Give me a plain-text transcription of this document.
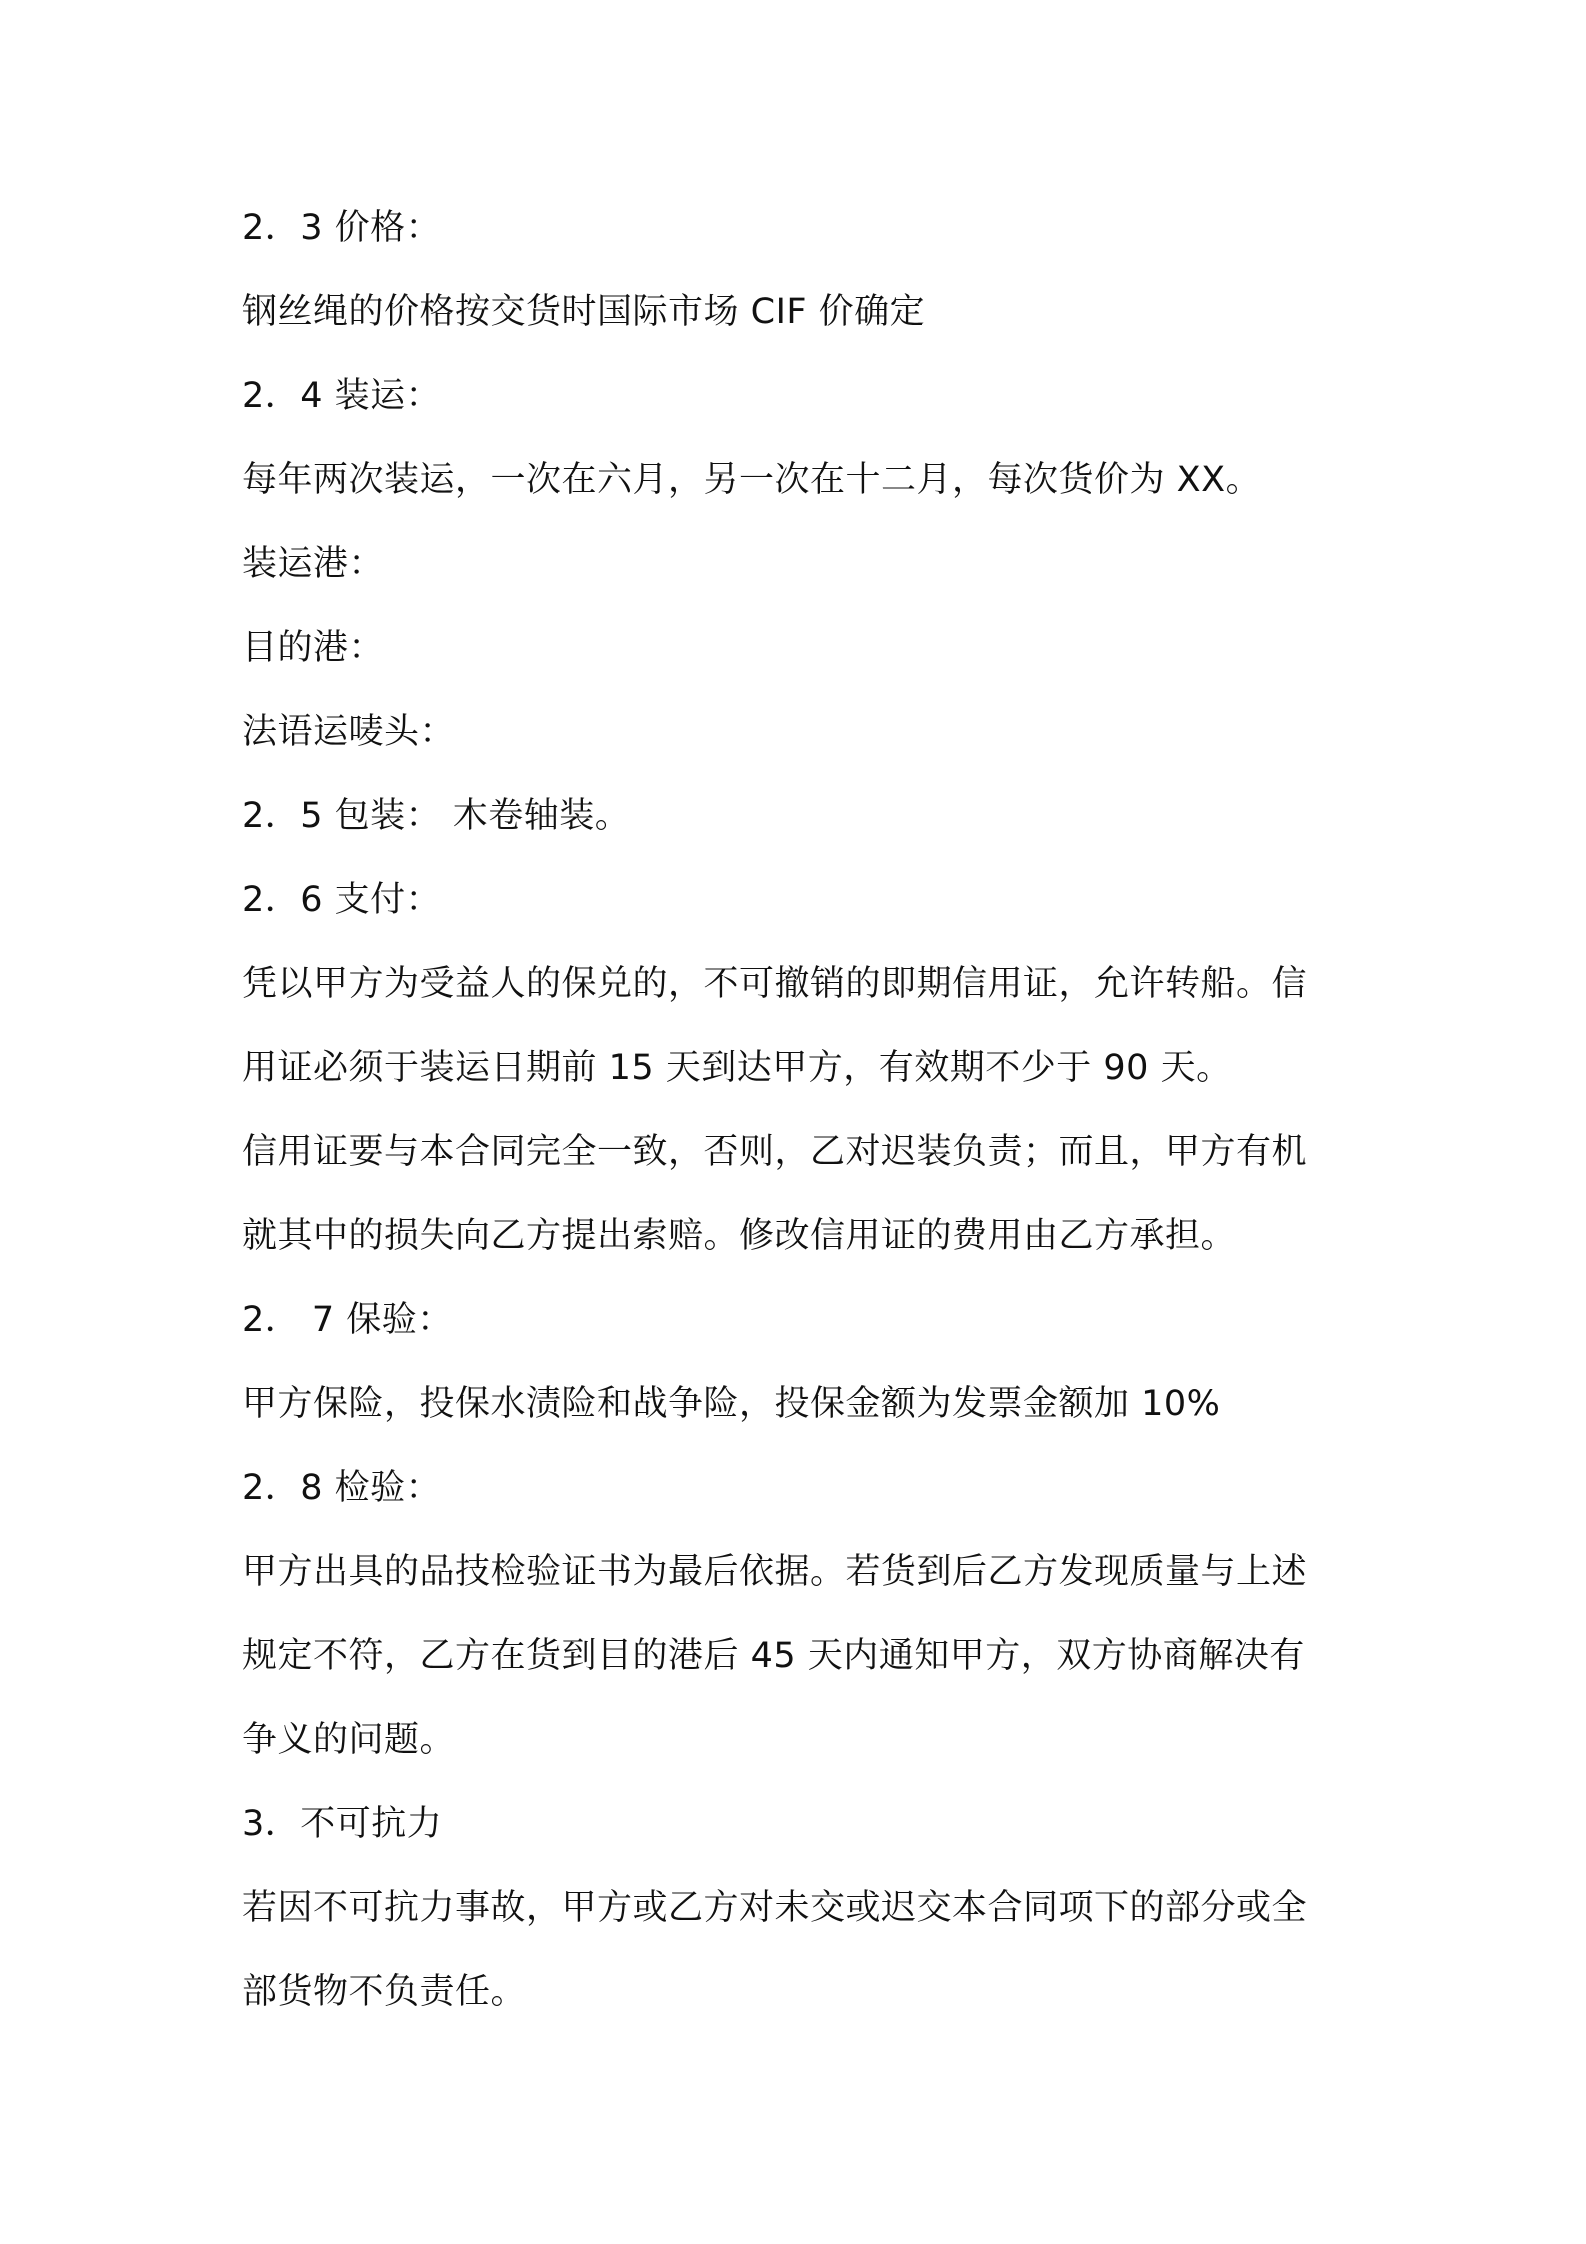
2．3 价格：
钢丝绳的价格按交货时国际市场 CIF 价确定
2．4 装运：
每年两次装运，一次在六月，另一次在十二月，每次货价为 XX。
装运港：
目的港：
法语运唛头：
2．5 包装： 木卷轴装。
2．6 支付：
凭以甲方为受益人的保兑的，不可撤销的即期信用证，允许转船。信
用证必须于装运日期前 15 天到达甲方，有效期不少于 90 天。
信用证要与本合同完全一致，否则，乙对迟装负责；而且，甲方有机
就其中的损失向乙方提出索赔。修改信用证的费用由乙方承担。
2． 7 保验：
甲方保险，投保水渍险和战争险，投保金额为发票金额加 10%
2．8 检验：
甲方出具的品技检验证书为最后依据。若货到后乙方发现质量与上述
规定不符，乙方在货到目的港后 45 天内通知甲方，双方协商解决有
争义的问题。
3．不可抗力
若因不可抗力事故，甲方或乙方对未交或迟交本合同项下的部分或全
部货物不负责任。
